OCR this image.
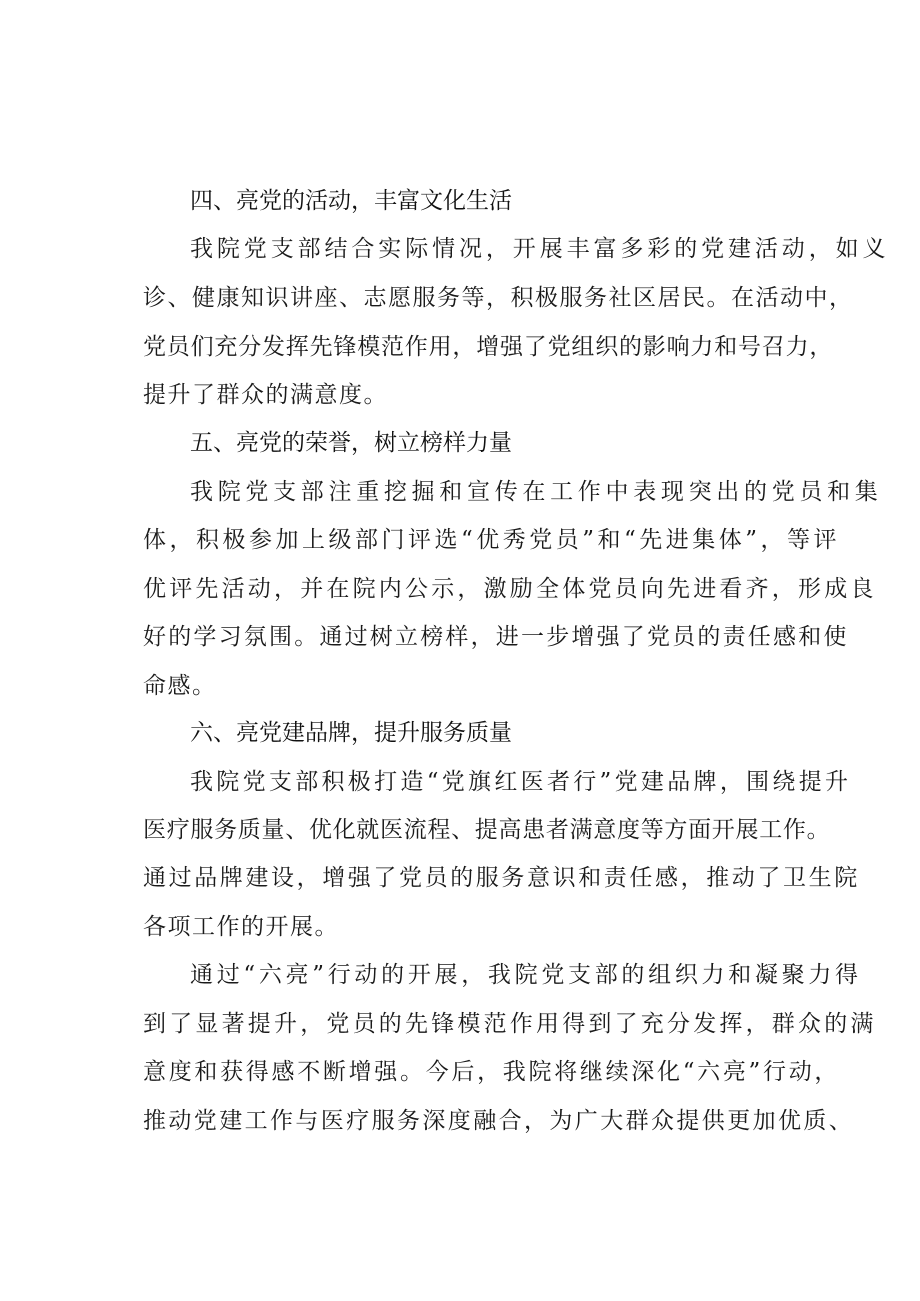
四、亮党的活动，丰富文化生活
我院党支部结合实际情况，开展丰富多彩的党建活动，如义
诊、健康知识讲座、志愿服务等，积极服务社区居民。在活动中，
党员们充分发挥先锋模范作用，增强了党组织的影响力和号召力，
提升了群众的满意度。
五、亮党的荣誉，树立榜样力量
我院党支部注重挖掘和宣传在工作中表现突出的党员和集
体，积极参加上级部门评选“优秀党员”和“先进集体”，等评
优评先活动，并在院内公示，激励全体党员向先进看齐，形成良
好的学习氛围。通过树立榜样，进一步增强了党员的责任感和使
命感。
六、亮党建品牌，提升服务质量
我院党支部积极打造“党旗红医者行”党建品牌，围绕提升
医疗服务质量、优化就医流程、提高患者满意度等方面开展工作。
通过品牌建设，增强了党员的服务意识和责任感，推动了卫生院
各项工作的开展。
通过“六亮”行动的开展，我院党支部的组织力和凝聚力得
到了显著提升，党员的先锋模范作用得到了充分发挥，群众的满
意度和获得感不断增强。今后，我院将继续深化“六亮”行动，
推动党建工作与医疗服务深度融合，为广大群众提供更加优质、
